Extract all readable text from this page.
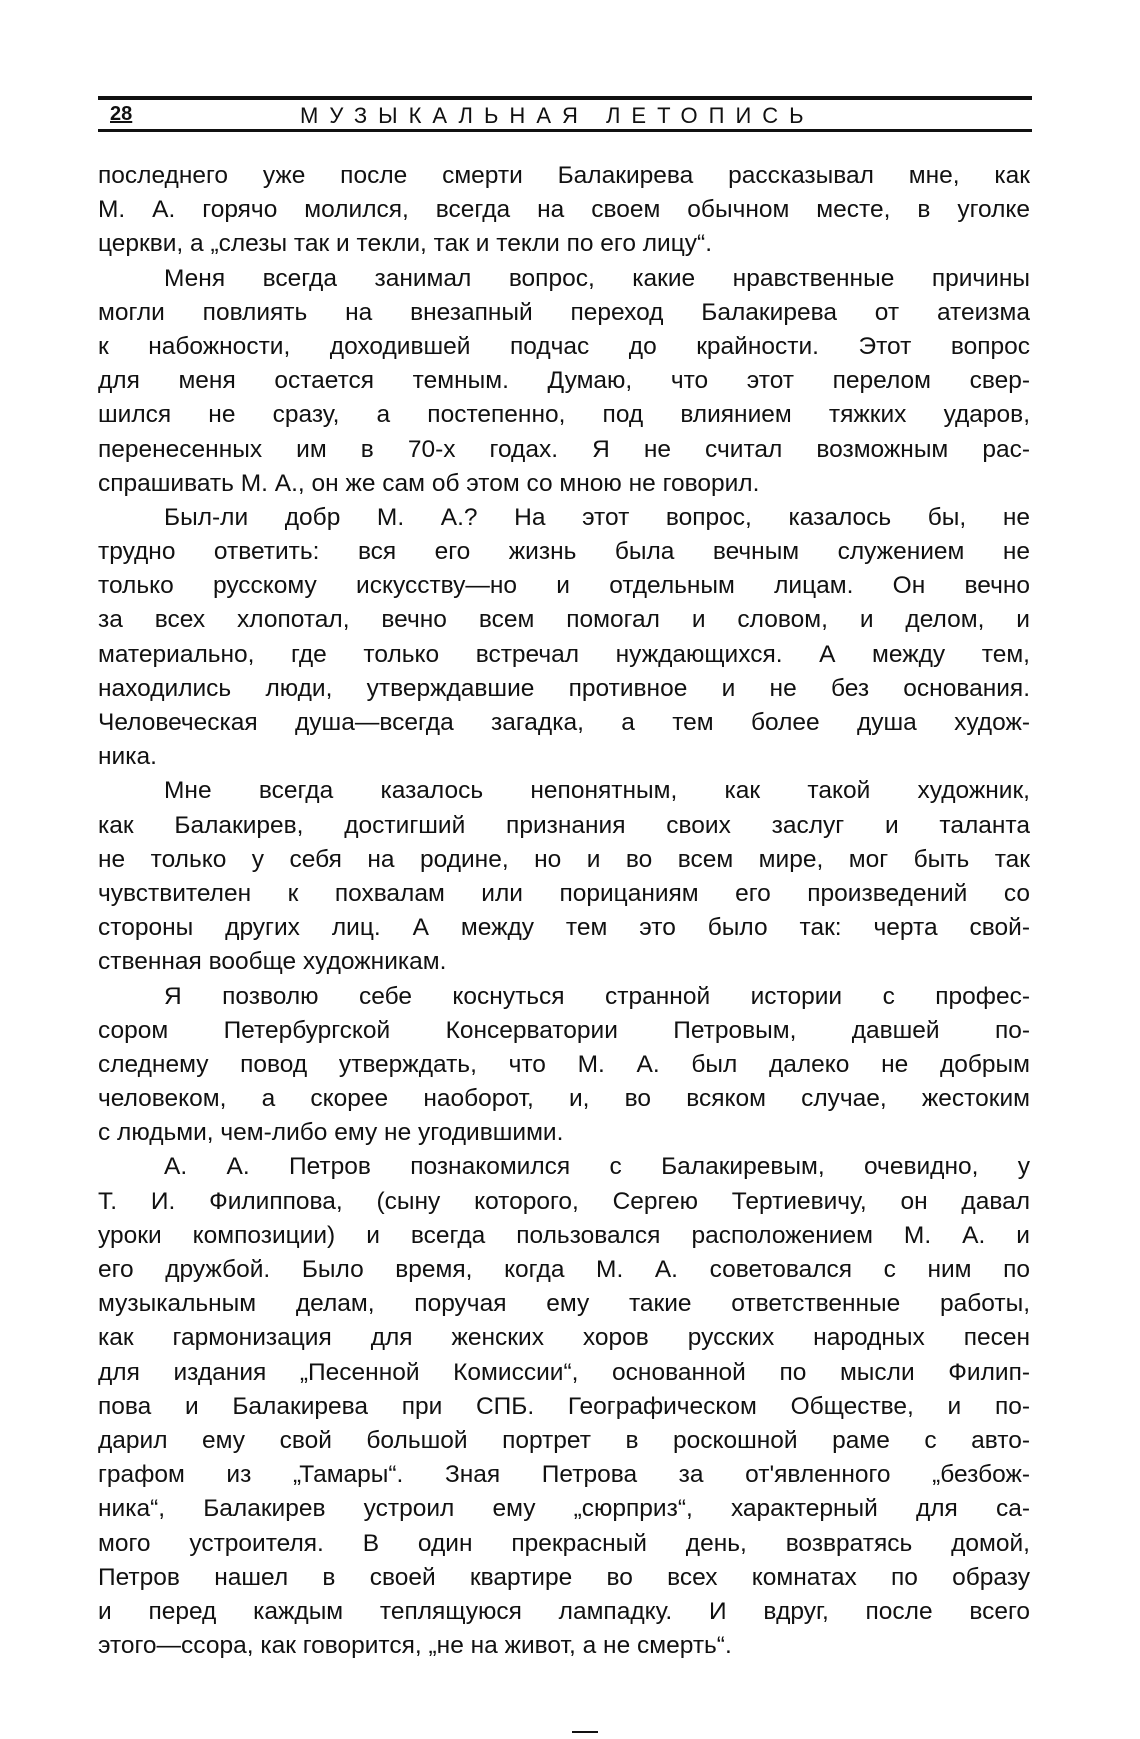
28	МУЗЫКАЛЬНАЯ ЛЕТОПИСЬ
последнего уже после смерти Балакирева рассказывал мне, как
М. А. горячо молился, всегда на своем обычном месте, в уголке
церкви, а „слезы так и текли, так и текли по его лицу“.
Меня всегда занимал вопрос, какие нравственные причины
могли повлиять на внезапный переход Балакирева от атеизма
к набожности, доходившей подчас до крайности. Этот вопрос
для меня остается темным. Думаю, что этот перелом свер-
шился не сразу, а постепенно, под влиянием тяжких ударов,
перенесенных им в 70-х годах. Я не считал возможным рас-
спрашивать М. А., он же сам об этом со мною не говорил.
Был-ли добр М. А.? На этот вопрос, казалось бы, не
трудно ответить: вся его жизнь была вечным служением не
только русскому искусству—но и отдельным лицам. Он вечно
за всех хлопотал, вечно всем помогал и словом, и делом, и
материально, где только встречал нуждающихся. А между тем,
находились люди, утверждавшие противное и не без основания.
Человеческая душа—всегда загадка, а тем более душа худож-
ника.
Мне всегда казалось непонятным, как такой художник,
как Балакирев, достигший признания своих заслуг и таланта
не только у себя на родине, но и во всем мире, мог быть так
чувствителен к похвалам или порицаниям его произведений со
стороны других лиц. А между тем это было так: черта свой-
ственная вообще художникам.
Я позволю себе коснуться странной истории с профес-
сором Петербургской Консерватории Петровым, давшей по-
следнему повод утверждать, что М. А. был далеко не добрым
человеком, а скорее наоборот, и, во всяком случае, жестоким
с людьми, чем-либо ему не угодившими.
А. А. Петров познакомился с Балакиревым, очевидно, у
Т. И. Филиппова, (сыну которого, Сергею Тертиевичу, он давал
уроки композиции) и всегда пользовался расположением М. А. и
его дружбой. Было время, когда М. А. советовался с ним по
музыкальным делам, поручая ему такие ответственные работы,
как гармонизация для женских хоров русских народных песен
для издания „Песенной Комиссии“, основанной по мысли Филип-
пова и Балакирева при СПБ. Географическом Обществе, и по-
дарил ему свой большой портрет в роскошной раме с авто-
графом из „Тамары“. Зная Петрова за от'явленного „безбож-
ника“, Балакирев устроил ему „сюрприз“, характерный для са-
мого устроителя. В один прекрасный день, возвратясь домой,
Петров нашел в своей квартире во всех комнатах по образу
и перед каждым теплящуюся лампадку. И вдруг, после всего
этого—ссора, как говорится, „не на живот, а не смерть“.
